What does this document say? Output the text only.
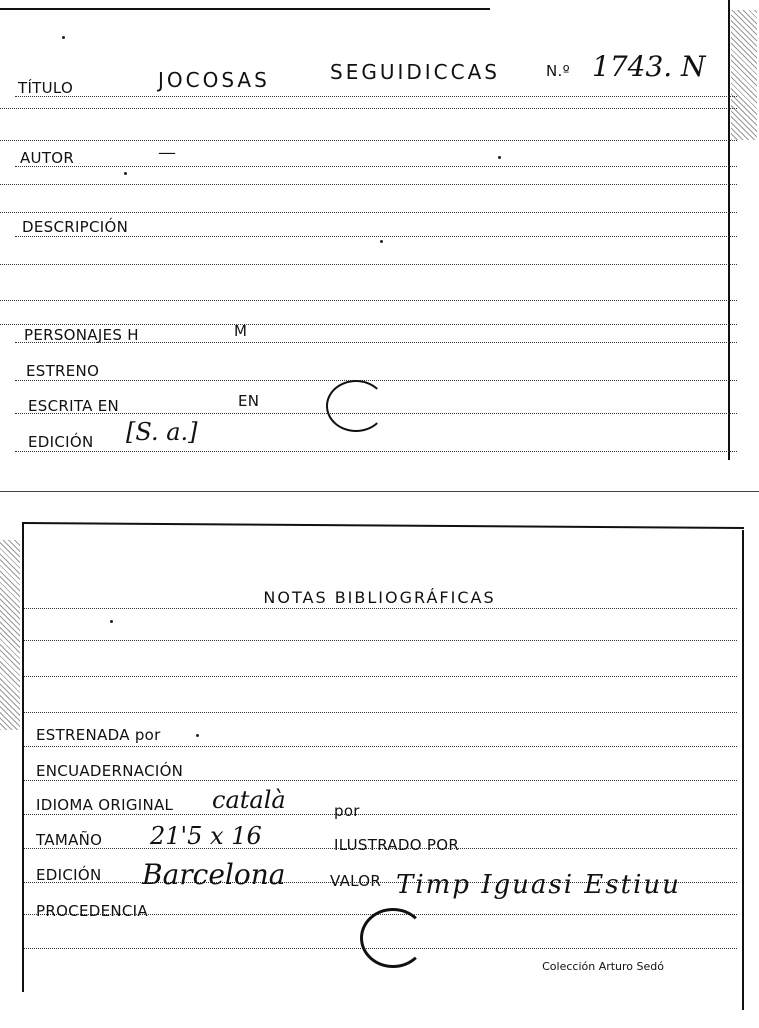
TÍTULO	JOCOSAS	SEGUIDICCAS	N.º 1743. N
AUTOR	—
DESCRIPCIÓN
PERSONAJES H	M
ESTRENO
ESCRITA EN	EN
EDICIÓN [S. a.]
NOTAS BIBLIOGRÁFICAS
ESTRENADA por
ENCUADERNACIÓN
IDIOMA ORIGINAL català	por
TAMAÑO 21'5 x 16	ILUSTRADO POR
EDICIÓN Barcelona	VALOR Timp Iguasi Estiuu
PROCEDENCIA
Colección Arturo Sedó
